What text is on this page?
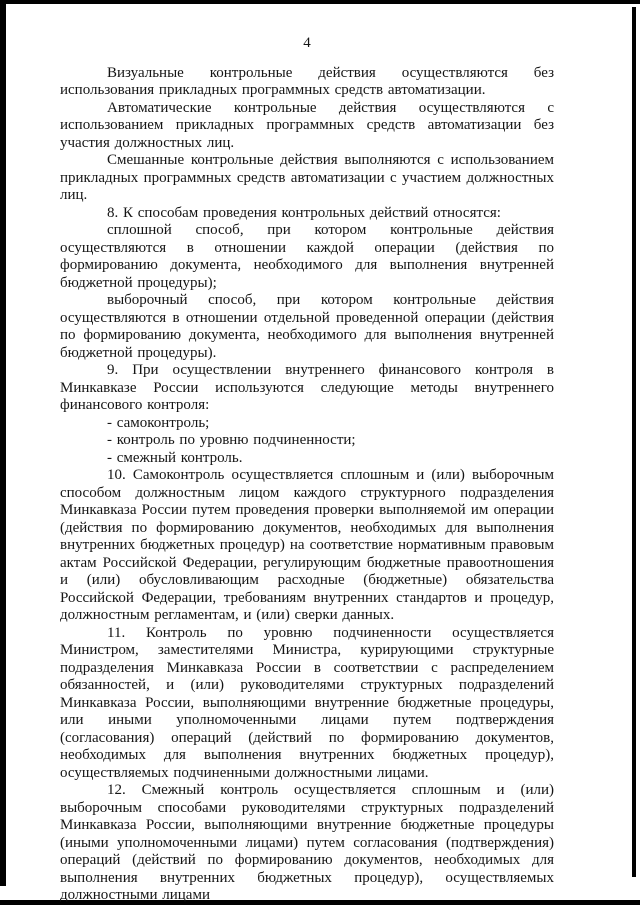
4

Визуальные контрольные действия осуществляются без использования прикладных программных средств автоматизации.

Автоматические контрольные действия осуществляются с использованием прикладных программных средств автоматизации без участия должностных лиц.

Смешанные контрольные действия выполняются с использованием прикладных программных средств автоматизации с участием должностных лиц.

8. К способам проведения контрольных действий относятся:

сплошной способ, при котором контрольные действия осуществляются в отношении каждой операции (действия по формированию документа, необходимого для выполнения внутренней бюджетной процедуры);

выборочный способ, при котором контрольные действия осуществляются в отношении отдельной проведенной операции (действия по формированию документа, необходимого для выполнения внутренней бюджетной процедуры).

9. При осуществлении внутреннего финансового контроля в Минкавказе России используются следующие методы внутреннего финансового контроля:

- самоконтроль;

- контроль по уровню подчиненности;

- смежный контроль.

10. Самоконтроль осуществляется сплошным и (или) выборочным способом должностным лицом каждого структурного подразделения Минкавказа России путем проведения проверки выполняемой им операции (действия по формированию документов, необходимых для выполнения внутренних бюджетных процедур) на соответствие нормативным правовым актам Российской Федерации, регулирующим бюджетные правоотношения и (или) обусловливающим расходные (бюджетные) обязательства Российской Федерации, требованиям внутренних стандартов и процедур, должностным регламентам, и (или) сверки данных.

11. Контроль по уровню подчиненности осуществляется Министром, заместителями Министра, курирующими структурные подразделения Минкавказа России в соответствии с распределением обязанностей, и (или) руководителями структурных подразделений Минкавказа России, выполняющими внутренние бюджетные процедуры, или иными уполномоченными лицами путем подтверждения (согласования) операций (действий по формированию документов, необходимых для выполнения внутренних бюджетных процедур), осуществляемых подчиненными должностными лицами.

12. Смежный контроль осуществляется сплошным и (или) выборочным способами руководителями структурных подразделений Минкавказа России, выполняющими внутренние бюджетные процедуры (иными уполномоченными лицами) путем согласования (подтверждения) операций (действий по формированию документов, необходимых для выполнения внутренних бюджетных процедур), осуществляемых должностными лицами
